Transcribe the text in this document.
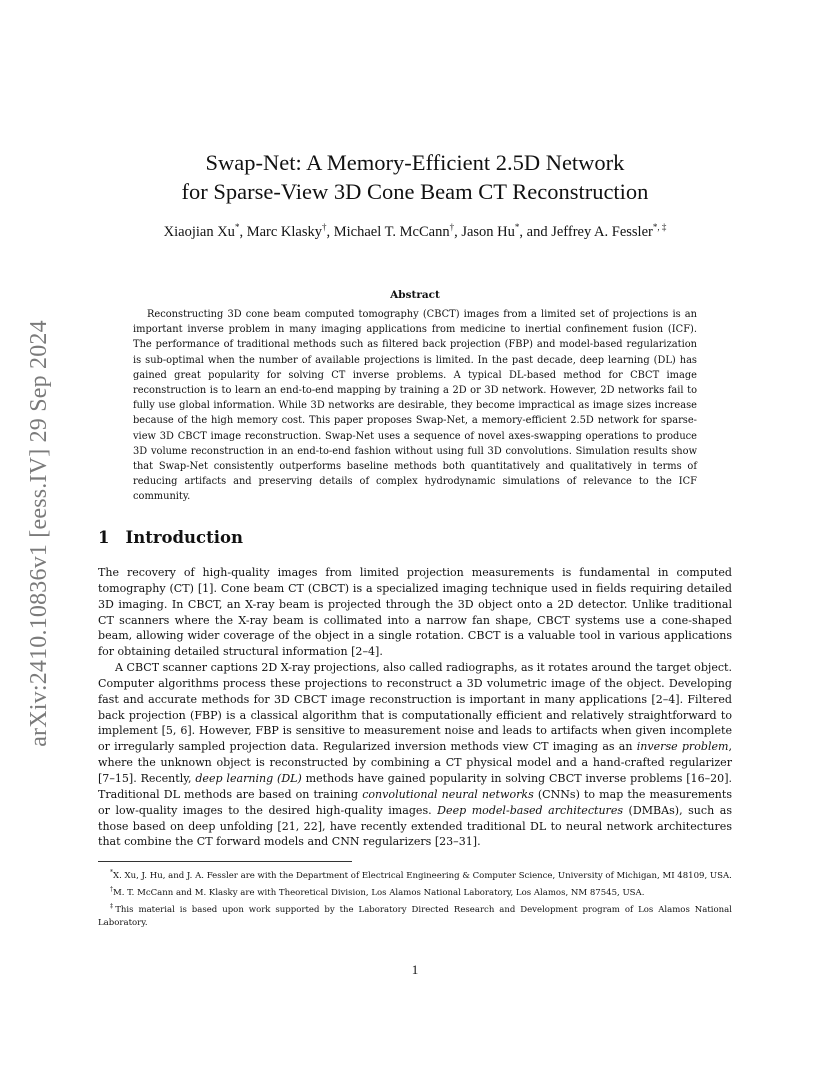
arXiv:2410.10836v1 [eess.IV] 29 Sep 2024
Swap-Net: A Memory-Efficient 2.5D Network
for Sparse-View 3D Cone Beam CT Reconstruction
Xiaojian Xu*, Marc Klasky†, Michael T. McCann†, Jason Hu*, and Jeffrey A. Fessler*, ‡
Abstract

Reconstructing 3D cone beam computed tomography (CBCT) images from a limited set of projections is an important inverse problem in many imaging applications from medicine to inertial confinement fusion (ICF). The performance of traditional methods such as filtered back projection (FBP) and model-based regularization is sub-optimal when the number of available projections is limited. In the past decade, deep learning (DL) has gained great popularity for solving CT inverse problems. A typical DL-based method for CBCT image reconstruction is to learn an end-to-end mapping by training a 2D or 3D network. However, 2D networks fail to fully use global information. While 3D networks are desirable, they become impractical as image sizes increase because of the high memory cost. This paper proposes Swap-Net, a memory-efficient 2.5D network for sparse-view 3D CBCT image reconstruction. Swap-Net uses a sequence of novel axes-swapping operations to produce 3D volume reconstruction in an end-to-end fashion without using full 3D convolutions. Simulation results show that Swap-Net consistently outperforms baseline methods both quantitatively and qualitatively in terms of reducing artifacts and preserving details of complex hydrodynamic simulations of relevance to the ICF community.

1 Introduction

The recovery of high-quality images from limited projection measurements is fundamental in computed tomography (CT) [1]. Cone beam CT (CBCT) is a specialized imaging technique used in fields requiring detailed 3D imaging. In CBCT, an X-ray beam is projected through the 3D object onto a 2D detector. Unlike traditional CT scanners where the X-ray beam is collimated into a narrow fan shape, CBCT systems use a cone-shaped beam, allowing wider coverage of the object in a single rotation. CBCT is a valuable tool in various applications for obtaining detailed structural information [2–4].

A CBCT scanner captions 2D X-ray projections, also called radiographs, as it rotates around the target object. Computer algorithms process these projections to reconstruct a 3D volumetric image of the object. Developing fast and accurate methods for 3D CBCT image reconstruction is important in many applications [2–4]. Filtered back projection (FBP) is a classical algorithm that is computationally efficient and relatively straightforward to implement [5, 6]. However, FBP is sensitive to measurement noise and leads to artifacts when given incomplete or irregularly sampled projection data. Regularized inversion methods view CT imaging as an inverse problem, where the unknown object is reconstructed by combining a CT physical model and a hand-crafted regularizer [7–15]. Recently, deep learning (DL) methods have gained popularity in solving CBCT inverse problems [16–20]. Traditional DL methods are based on training convolutional neural networks (CNNs) to map the measurements or low-quality images to the desired high-quality images. Deep model-based architectures (DMBAs), such as those based on deep unfolding [21, 22], have recently extended traditional DL to neural network architectures that combine the CT forward models and CNN regularizers [23–31].

*X. Xu, J. Hu, and J. A. Fessler are with the Department of Electrical Engineering & Computer Science, University of Michigan, MI 48109, USA.

†M. T. McCann and M. Klasky are with Theoretical Division, Los Alamos National Laboratory, Los Alamos, NM 87545, USA.

‡This material is based upon work supported by the Laboratory Directed Research and Development program of Los Alamos National Laboratory.

1
